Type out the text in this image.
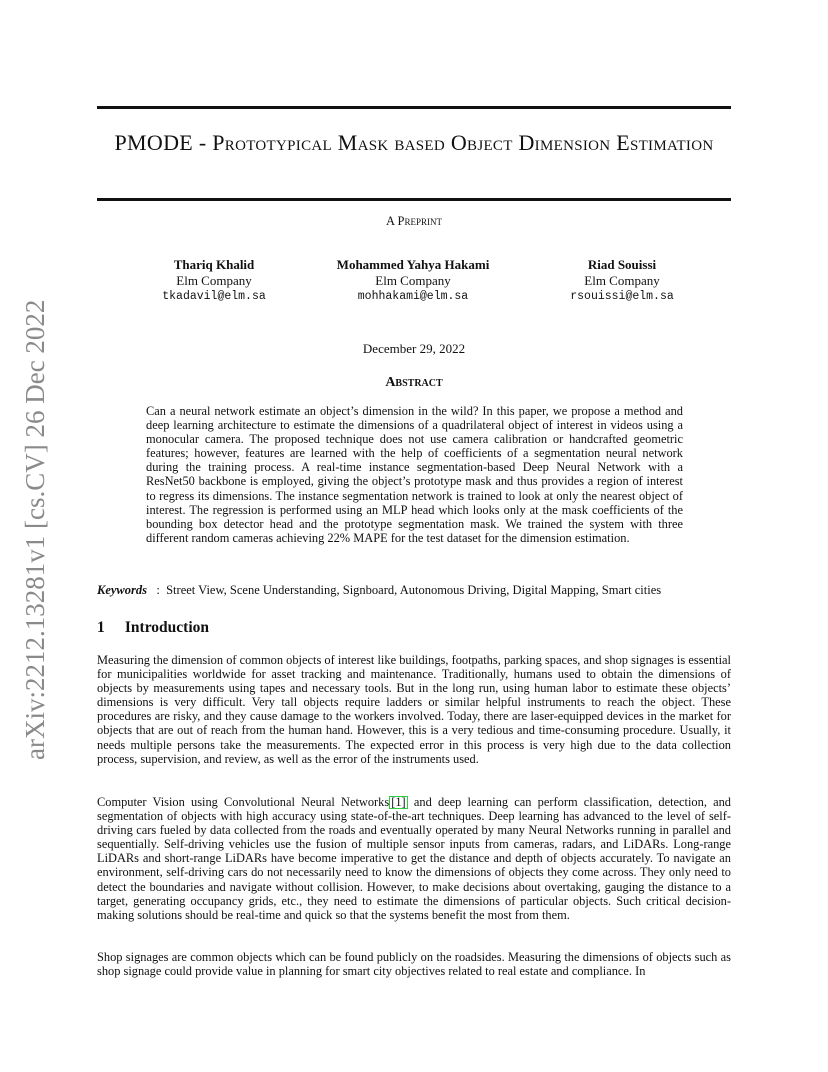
arXiv:2212.13281v1 [cs.CV] 26 Dec 2022
PMODE - Prototypical Mask based Object Dimension Estimation
A Preprint
Thariq Khalid
Elm Company
tkadavil@elm.sa
Mohammed Yahya Hakami
Elm Company
mohhakami@elm.sa
Riad Souissi
Elm Company
rsouissi@elm.sa
December 29, 2022
Abstract
Can a neural network estimate an object’s dimension in the wild? In this paper, we propose a method and deep learning architecture to estimate the dimensions of a quadrilateral object of interest in videos using a monocular camera. The proposed technique does not use camera calibration or handcrafted geometric features; however, features are learned with the help of coefficients of a segmentation neural network during the training process. A real-time instance segmentation-based Deep Neural Network with a ResNet50 backbone is employed, giving the object’s prototype mask and thus provides a region of interest to regress its dimensions. The instance segmentation network is trained to look at only the nearest object of interest. The regression is performed using an MLP head which looks only at the mask coefficients of the bounding box detector head and the prototype segmentation mask. We trained the system with three different random cameras achieving 22% MAPE for the test dataset for the dimension estimation.
Keywords   :  Street View, Scene Understanding, Signboard, Autonomous Driving, Digital Mapping, Smart cities
1 Introduction
Measuring the dimension of common objects of interest like buildings, footpaths, parking spaces, and shop signages is essential for municipalities worldwide for asset tracking and maintenance. Traditionally, humans used to obtain the dimensions of objects by measurements using tapes and necessary tools. But in the long run, using human labor to estimate these objects’ dimensions is very difficult. Very tall objects require ladders or similar helpful instruments to reach the object. These procedures are risky, and they cause damage to the workers involved. Today, there are laser-equipped devices in the market for objects that are out of reach from the human hand. However, this is a very tedious and time-consuming procedure. Usually, it needs multiple persons take the measurements. The expected error in this process is very high due to the data collection process, supervision, and review, as well as the error of the instruments used.
Computer Vision using Convolutional Neural Networks [1] and deep learning can perform classification, detection, and segmentation of objects with high accuracy using state-of-the-art techniques. Deep learning has advanced to the level of self-driving cars fueled by data collected from the roads and eventually operated by many Neural Networks running in parallel and sequentially. Self-driving vehicles use the fusion of multiple sensor inputs from cameras, radars, and LiDARs. Long-range LiDARs and short-range LiDARs have become imperative to get the distance and depth of objects accurately. To navigate an environment, self-driving cars do not necessarily need to know the dimensions of objects they come across. They only need to detect the boundaries and navigate without collision. However, to make decisions about overtaking, gauging the distance to a target, generating occupancy grids, etc., they need to estimate the dimensions of particular objects. Such critical decision-making solutions should be real-time and quick so that the systems benefit the most from them.
Shop signages are common objects which can be found publicly on the roadsides. Measuring the dimensions of objects such as shop signage could provide value in planning for smart city objectives related to real estate and compliance. In
